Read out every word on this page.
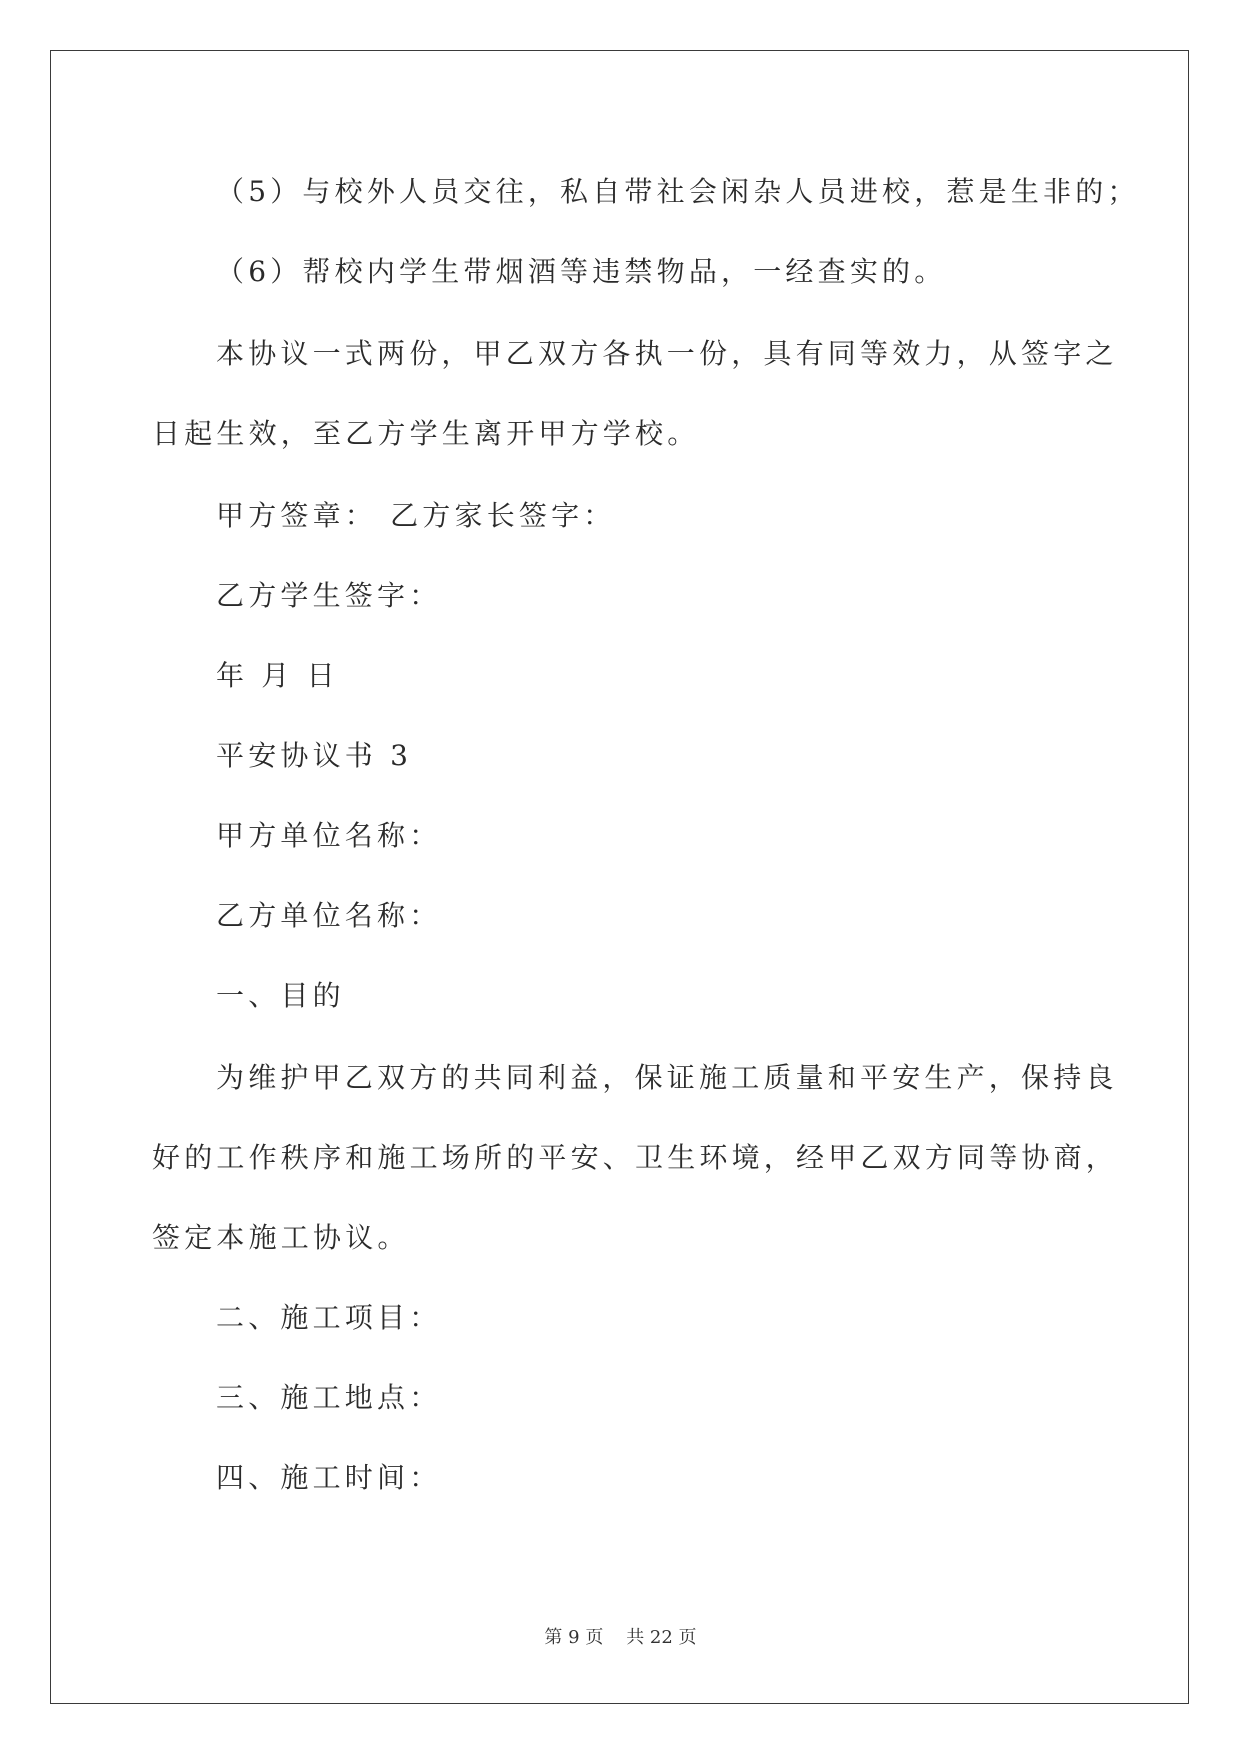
（5）与校外人员交往，私自带社会闲杂人员进校，惹是生非的；
（6）帮校内学生带烟酒等违禁物品，一经查实的。
本协议一式两份，甲乙双方各执一份，具有同等效力，从签字之
日起生效，至乙方学生离开甲方学校。
甲方签章： 乙方家长签字：
乙方学生签字：
年 月 日
平安协议书 3
甲方单位名称：
乙方单位名称：
一、目的
为维护甲乙双方的共同利益，保证施工质量和平安生产，保持良
好的工作秩序和施工场所的平安、卫生环境，经甲乙双方同等协商，
签定本施工协议。
二、施工项目：
三、施工地点：
四、施工时间：
第 9 页    共 22 页
